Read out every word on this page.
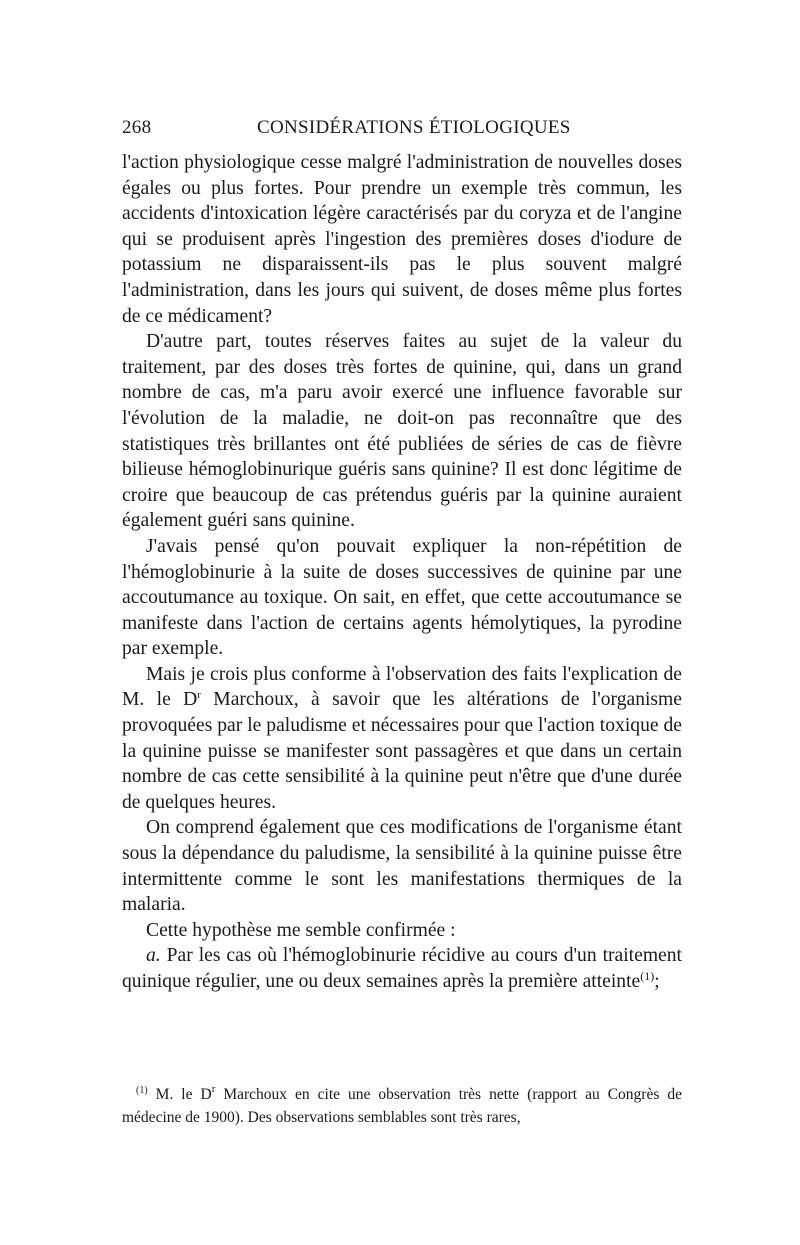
268	CONSIDÉRATIONS ÉTIOLOGIQUES

l'action physiologique cesse malgré l'administration de nouvelles doses égales ou plus fortes. Pour prendre un exemple très commun, les accidents d'intoxication légère caractérisés par du coryza et de l'angine qui se produisent après l'ingestion des premières doses d'iodure de potassium ne disparaissent-ils pas le plus souvent malgré l'administration, dans les jours qui suivent, de doses même plus fortes de ce médicament?

D'autre part, toutes réserves faites au sujet de la valeur du traitement, par des doses très fortes de quinine, qui, dans un grand nombre de cas, m'a paru avoir exercé une influence favorable sur l'évolution de la maladie, ne doit-on pas reconnaître que des statistiques très brillantes ont été publiées de séries de cas de fièvre bilieuse hémoglobinurique guéris sans quinine? Il est donc légitime de croire que beaucoup de cas prétendus guéris par la quinine auraient également guéri sans quinine.

J'avais pensé qu'on pouvait expliquer la non-répétition de l'hémoglobinurie à la suite de doses successives de quinine par une accoutumance au toxique. On sait, en effet, que cette accoutumance se manifeste dans l'action de certains agents hémolytiques, la pyrodine par exemple.

Mais je crois plus conforme à l'observation des faits l'explication de M. le $D^r$ Marchoux, à savoir que les altérations de l'organisme provoquées par le paludisme et nécessaires pour que l'action toxique de la quinine puisse se manifester sont passagères et que dans un certain nombre de cas cette sensibilité à la quinine peut n'être que d'une durée de quelques heures.

On comprend également que ces modifications de l'organisme étant sous la dépendance du paludisme, la sensibilité à la quinine puisse être intermittente comme le sont les manifestations thermiques de la malaria.

Cette hypothèse me semble confirmée :

a. Par les cas où l'hémoglobinurie récidive au cours d'un traitement quinique régulier, une ou deux semaines après la première atteinte$^{(1)}$;

$^{(1)}$ M. le $D^r$ Marchoux en cite une observation très nette (rapport au Congrès de médecine de 1900). Des observations semblables sont très rares,
